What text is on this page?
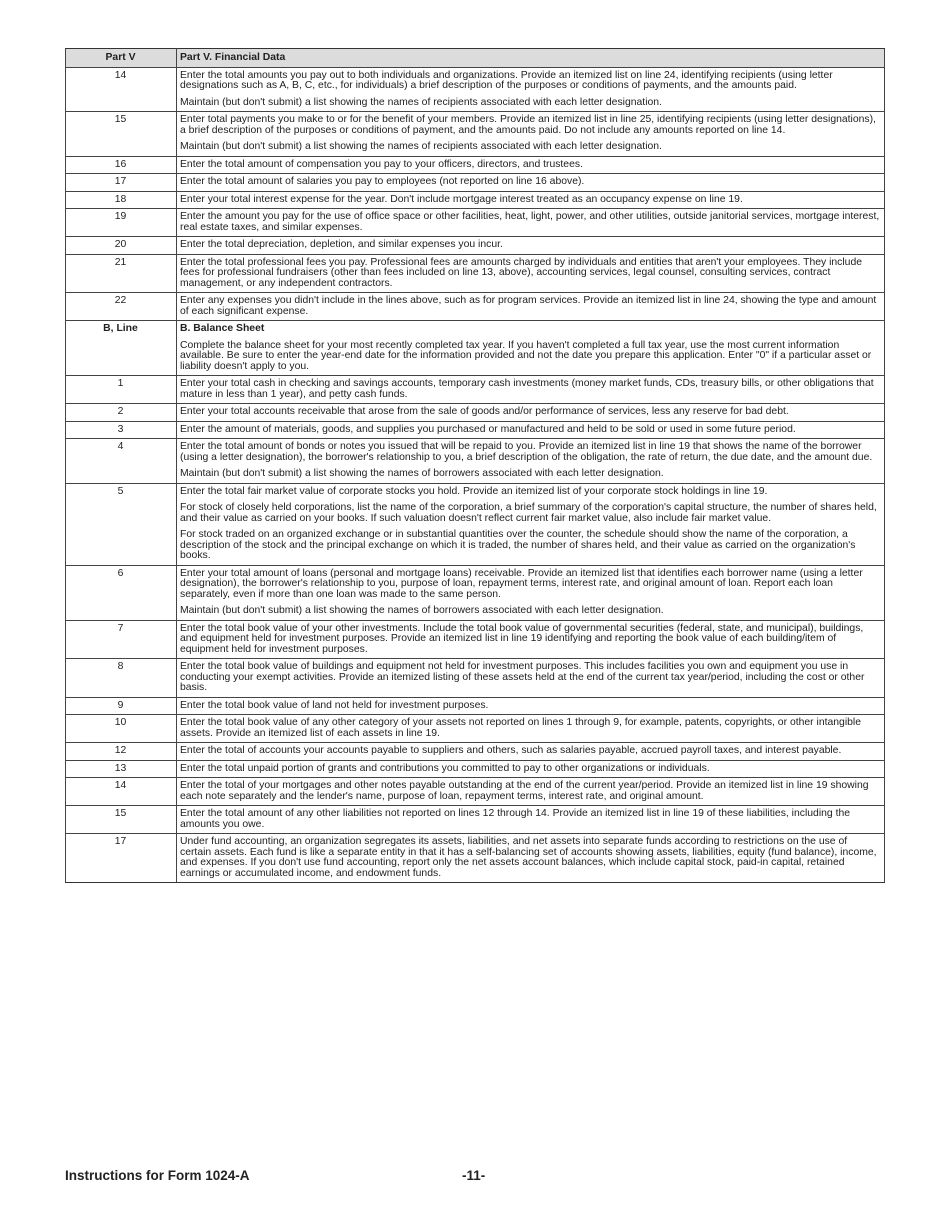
Part V	Part V. Financial Data
14	Enter the total amounts you pay out to both individuals and organizations. Provide an itemized list on line 24, identifying recipients (using letter designations such as A, B, C, etc., for individuals) a brief description of the purposes or conditions of payments, and the amounts paid.

Maintain (but don't submit) a list showing the names of recipients associated with each letter designation.

15	Enter total payments you make to or for the benefit of your members. Provide an itemized list in line 25, identifying recipients (using letter designations), a brief description of the purposes or conditions of payment, and the amounts paid. Do not include any amounts reported on line 14.

Maintain (but don't submit) a list showing the names of recipients associated with each letter designation.

16	Enter the total amount of compensation you pay to your officers, directors, and trustees.

17	Enter the total amount of salaries you pay to employees (not reported on line 16 above).

18	Enter your total interest expense for the year. Don't include mortgage interest treated as an occupancy expense on line 19.

19	Enter the amount you pay for the use of office space or other facilities, heat, light, power, and other utilities, outside janitorial services, mortgage interest, real estate taxes, and similar expenses.

20	Enter the total depreciation, depletion, and similar expenses you incur.

21	Enter the total professional fees you pay. Professional fees are amounts charged by individuals and entities that aren't your employees. They include fees for professional fundraisers (other than fees included on line 13, above), accounting services, legal counsel, consulting services, contract management, or any independent contractors.

22	Enter any expenses you didn't include in the lines above, such as for program services. Provide an itemized list in line 24, showing the type and amount of each significant expense.

B, Line	B. Balance Sheet

Complete the balance sheet for your most recently completed tax year. If you haven't completed a full tax year, use the most current information available. Be sure to enter the year-end date for the information provided and not the date you prepare this application. Enter "0" if a particular asset or liability doesn't apply to you.

1	Enter your total cash in checking and savings accounts, temporary cash investments (money market funds, CDs, treasury bills, or other obligations that mature in less than 1 year), and petty cash funds.

2	Enter your total accounts receivable that arose from the sale of goods and/or performance of services, less any reserve for bad debt.

3	Enter the amount of materials, goods, and supplies you purchased or manufactured and held to be sold or used in some future period.

4	Enter the total amount of bonds or notes you issued that will be repaid to you. Provide an itemized list in line 19 that shows the name of the borrower (using a letter designation), the borrower's relationship to you, a brief description of the obligation, the rate of return, the due date, and the amount due.

Maintain (but don't submit) a list showing the names of borrowers associated with each letter designation.

5	Enter the total fair market value of corporate stocks you hold. Provide an itemized list of your corporate stock holdings in line 19.

For stock of closely held corporations, list the name of the corporation, a brief summary of the corporation's capital structure, the number of shares held, and their value as carried on your books. If such valuation doesn't reflect current fair market value, also include fair market value.

For stock traded on an organized exchange or in substantial quantities over the counter, the schedule should show the name of the corporation, a description of the stock and the principal exchange on which it is traded, the number of shares held, and their value as carried on the organization's books.

6	Enter your total amount of loans (personal and mortgage loans) receivable. Provide an itemized list that identifies each borrower name (using a letter designation), the borrower's relationship to you, purpose of loan, repayment terms, interest rate, and original amount of loan. Report each loan separately, even if more than one loan was made to the same person.

Maintain (but don't submit) a list showing the names of borrowers associated with each letter designation.

7	Enter the total book value of your other investments. Include the total book value of governmental securities (federal, state, and municipal), buildings, and equipment held for investment purposes. Provide an itemized list in line 19 identifying and reporting the book value of each building/item of equipment held for investment purposes.

8	Enter the total book value of buildings and equipment not held for investment purposes. This includes facilities you own and equipment you use in conducting your exempt activities. Provide an itemized listing of these assets held at the end of the current tax year/period, including the cost or other basis.

9	Enter the total book value of land not held for investment purposes.

10	Enter the total book value of any other category of your assets not reported on lines 1 through 9, for example, patents, copyrights, or other intangible assets. Provide an itemized list of each assets in line 19.

12	Enter the total of accounts your accounts payable to suppliers and others, such as salaries payable, accrued payroll taxes, and interest payable.

13	Enter the total unpaid portion of grants and contributions you committed to pay to other organizations or individuals.

14	Enter the total of your mortgages and other notes payable outstanding at the end of the current year/period. Provide an itemized list in line 19 showing each note separately and the lender's name, purpose of loan, repayment terms, interest rate, and original amount.

15	Enter the total amount of any other liabilities not reported on lines 12 through 14. Provide an itemized list in line 19 of these liabilities, including the amounts you owe.

17	Under fund accounting, an organization segregates its assets, liabilities, and net assets into separate funds according to restrictions on the use of certain assets. Each fund is like a separate entity in that it has a self-balancing set of accounts showing assets, liabilities, equity (fund balance), income, and expenses. If you don't use fund accounting, report only the net assets account balances, which include capital stock, paid-in capital, retained earnings or accumulated income, and endowment funds.

Instructions for Form 1024-A	-11-
